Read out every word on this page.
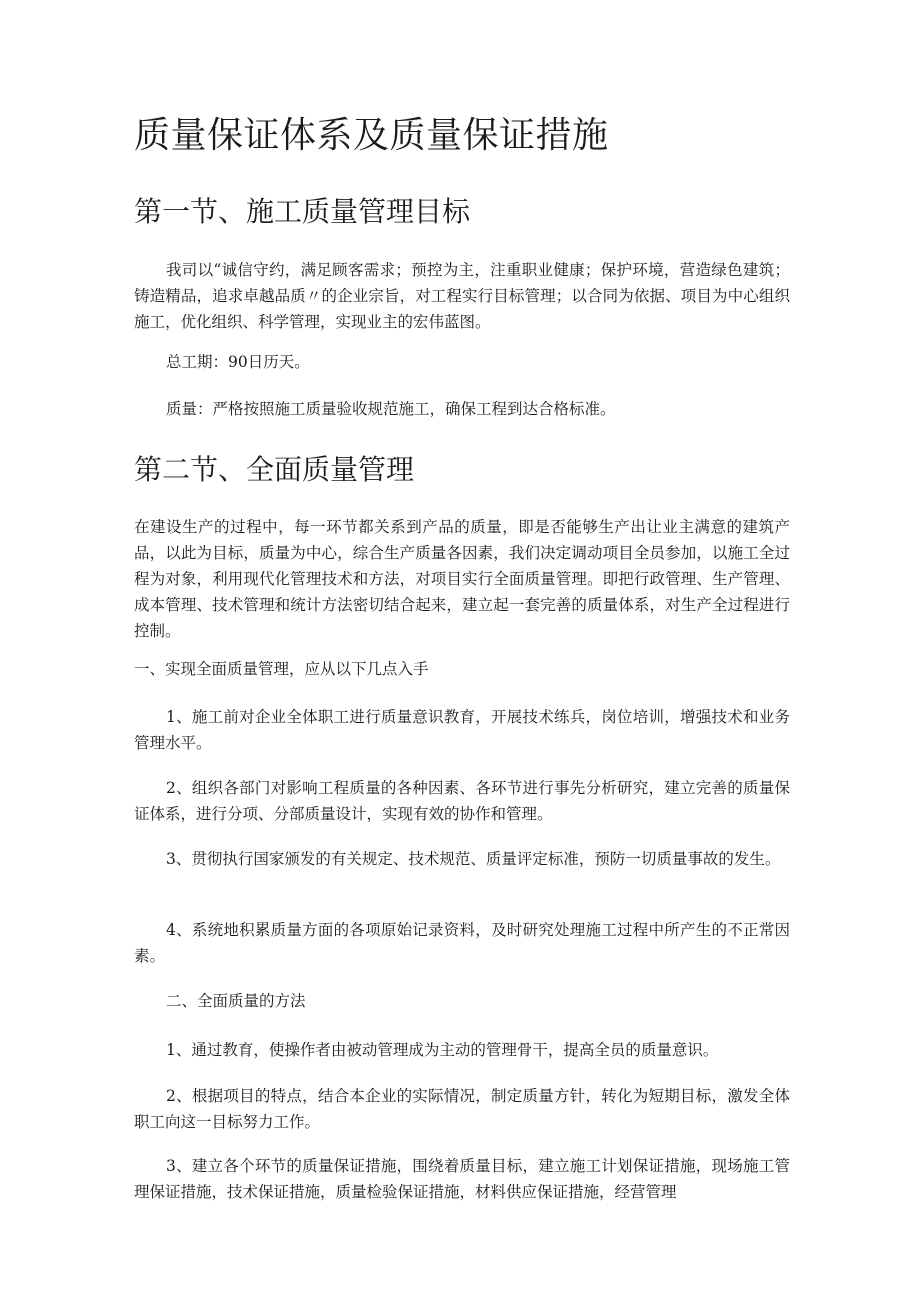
质量保证体系及质量保证措施
第一节、施工质量管理目标

我司以“诚信守约，满足顾客需求；预控为主，注重职业健康；保护环境，营造绿色建筑；铸造精品，追求卓越品质〃的企业宗旨，对工程实行目标管理；以合同为依据、项目为中心组织施工，优化组织、科学管理，实现业主的宏伟蓝图。

总工期：90日历天。

质量：严格按照施工质量验收规范施工，确保工程到达合格标准。

第二节、全面质量管理

在建设生产的过程中，每一环节都关系到产品的质量，即是否能够生产出让业主满意的建筑产品，以此为目标，质量为中心，综合生产质量各因素，我们决定调动项目全员参加，以施工全过程为对象，利用现代化管理技术和方法，对项目实行全面质量管理。即把行政管理、生产管理、成本管理、技术管理和统计方法密切结合起来，建立起一套完善的质量体系，对生产全过程进行控制。

一、实现全面质量管理，应从以下几点入手

1、施工前对企业全体职工进行质量意识教育，开展技术练兵，岗位培训，增强技术和业务管理水平。

2、组织各部门对影响工程质量的各种因素、各环节进行事先分析研究，建立完善的质量保证体系，进行分项、分部质量设计，实现有效的协作和管理。

3、贯彻执行国家颁发的有关规定、技术规范、质量评定标准，预防一切质量事故的发生。

4、系统地积累质量方面的各项原始记录资料，及时研究处理施工过程中所产生的不正常因素。

二、全面质量的方法

1、通过教育，使操作者由被动管理成为主动的管理骨干，提高全员的质量意识。

2、根据项目的特点，结合本企业的实际情况，制定质量方针，转化为短期目标，激发全体职工向这一目标努力工作。

3、建立各个环节的质量保证措施，围绕着质量目标，建立施工计划保证措施，现场施工管理保证措施，技术保证措施，质量检验保证措施，材料供应保证措施，经营管理
